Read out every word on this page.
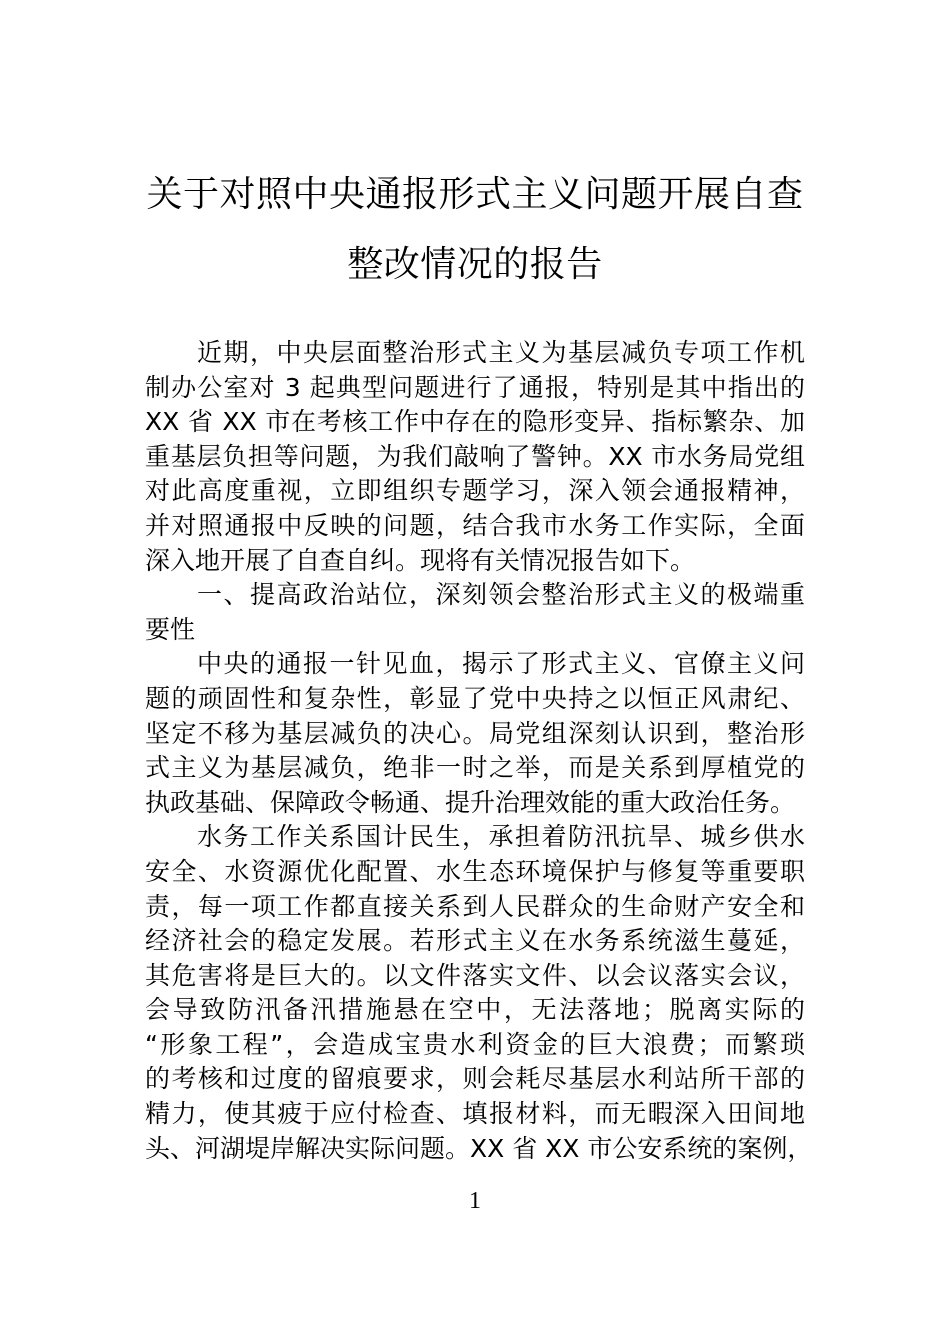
关于对照中央通报形式主义问题开展自查
整改情况的报告
近期，中央层面整治形式主义为基层减负专项工作机
制办公室对 3 起典型问题进行了通报，特别是其中指出的
XX 省 XX 市在考核工作中存在的隐形变异、指标繁杂、加
重基层负担等问题，为我们敲响了警钟。XX 市水务局党组
对此高度重视，立即组织专题学习，深入领会通报精神，
并对照通报中反映的问题，结合我市水务工作实际，全面
深入地开展了自查自纠。现将有关情况报告如下。
一、提高政治站位，深刻领会整治形式主义的极端重
要性
中央的通报一针见血，揭示了形式主义、官僚主义问
题的顽固性和复杂性，彰显了党中央持之以恒正风肃纪、
坚定不移为基层减负的决心。局党组深刻认识到，整治形
式主义为基层减负，绝非一时之举，而是关系到厚植党的
执政基础、保障政令畅通、提升治理效能的重大政治任务。
水务工作关系国计民生，承担着防汛抗旱、城乡供水
安全、水资源优化配置、水生态环境保护与修复等重要职
责，每一项工作都直接关系到人民群众的生命财产安全和
经济社会的稳定发展。若形式主义在水务系统滋生蔓延，
其危害将是巨大的。以文件落实文件、以会议落实会议，
会导致防汛备汛措施悬在空中，无法落地；脱离实际的
“形象工程”，会造成宝贵水利资金的巨大浪费；而繁琐
的考核和过度的留痕要求，则会耗尽基层水利站所干部的
精力，使其疲于应付检查、填报材料，而无暇深入田间地
头、河湖堤岸解决实际问题。XX 省 XX 市公安系统的案例，
1
